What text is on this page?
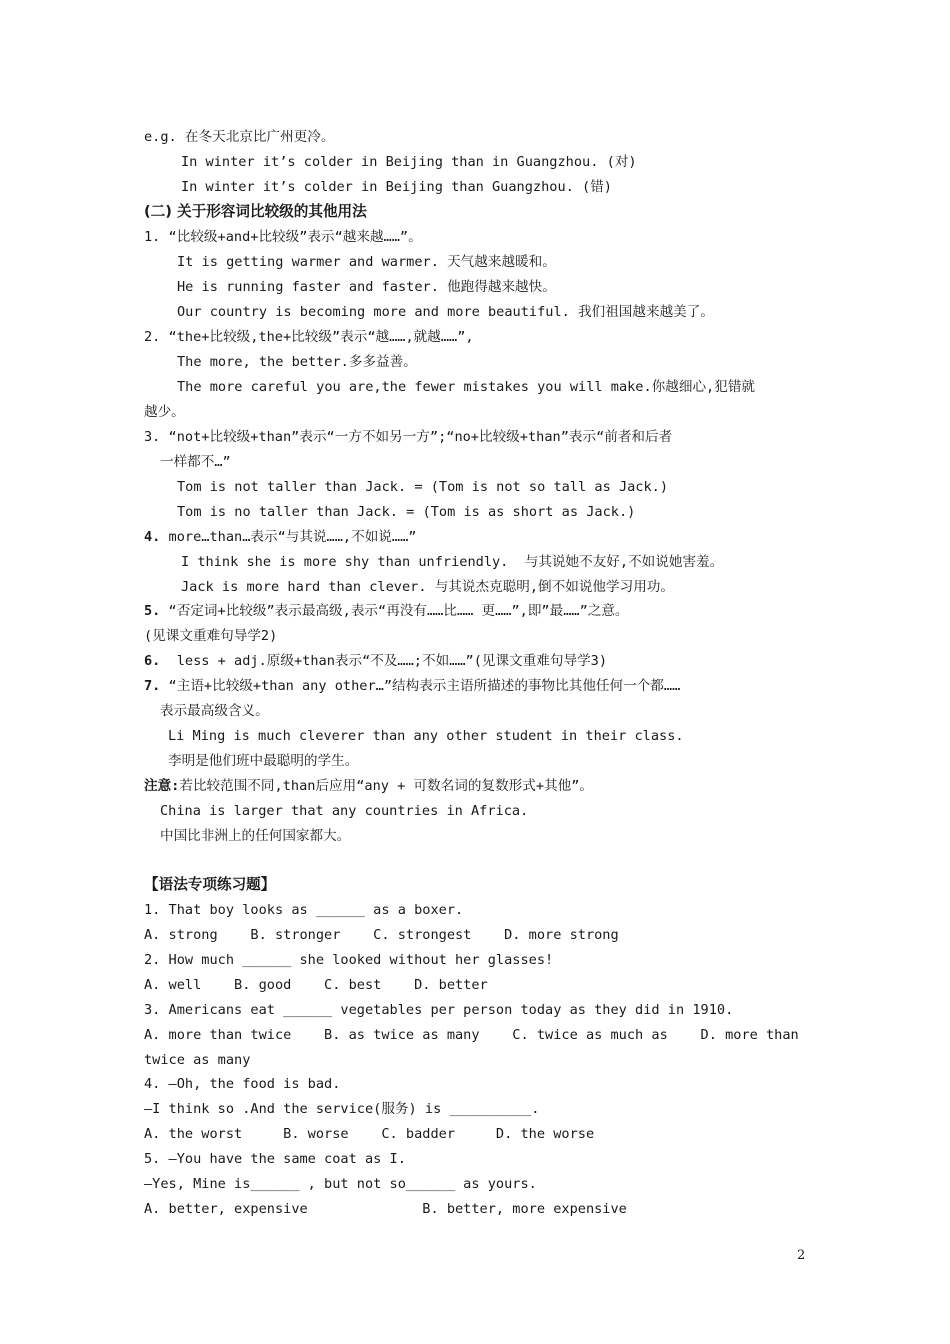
e.g. 在冬天北京比广州更冷。
In winter it’s colder in Beijing than in Guangzhou. (对)
In winter it’s colder in Beijing than Guangzhou. (错)
(二) 关于形容词比较级的其他用法
1. “比较级+and+比较级”表示“越来越……”。
It is getting warmer and warmer. 天气越来越暖和。
He is running faster and faster. 他跑得越来越快。
Our country is becoming more and more beautiful. 我们祖国越来越美了。
2. “the+比较级,the+比较级”表示“越……,就越……”,
The more, the better.多多益善。
The more careful you are,the fewer mistakes you will make.你越细心,犯错就
越少。
3. “not+比较级+than”表示“一方不如另一方”;“no+比较级+than”表示“前者和后者
一样都不…”
Tom is not taller than Jack. = (Tom is not so tall as Jack.)
Tom is no taller than Jack. = (Tom is as short as Jack.)
4. more…than…表示“与其说……,不如说……”
I think she is more shy than unfriendly.  与其说她不友好,不如说她害羞。
Jack is more hard than clever. 与其说杰克聪明,倒不如说他学习用功。
5. “否定词+比较级”表示最高级,表示“再没有……比…… 更……”,即”最……”之意。
(见课文重难句导学2)
6.  less + adj.原级+than表示“不及……;不如……”(见课文重难句导学3)
7. “主语+比较级+than any other…”结构表示主语所描述的事物比其他任何一个都……
表示最高级含义。
Li Ming is much cleverer than any other student in their class.
李明是他们班中最聪明的学生。
注意:若比较范围不同,than后应用“any + 可数名词的复数形式+其他”。
China is larger that any countries in Africa.
中国比非洲上的任何国家都大。
【语法专项练习题】
1. That boy looks as ______ as a boxer.
A. strong    B. stronger    C. strongest    D. more strong
2. How much ______ she looked without her glasses!
A. well    B. good    C. best    D. better
3. Americans eat ______ vegetables per person today as they did in 1910.
A. more than twice    B. as twice as many    C. twice as much as    D. more than
twice as many
4. —Oh, the food is bad.
—I think so .And the service(服务) is __________.
A. the worst     B. worse    C. badder     D. the worse
5. —You have the same coat as I.
—Yes, Mine is______ , but not so______ as yours.
A. better, expensive              B. better, more expensive
2
